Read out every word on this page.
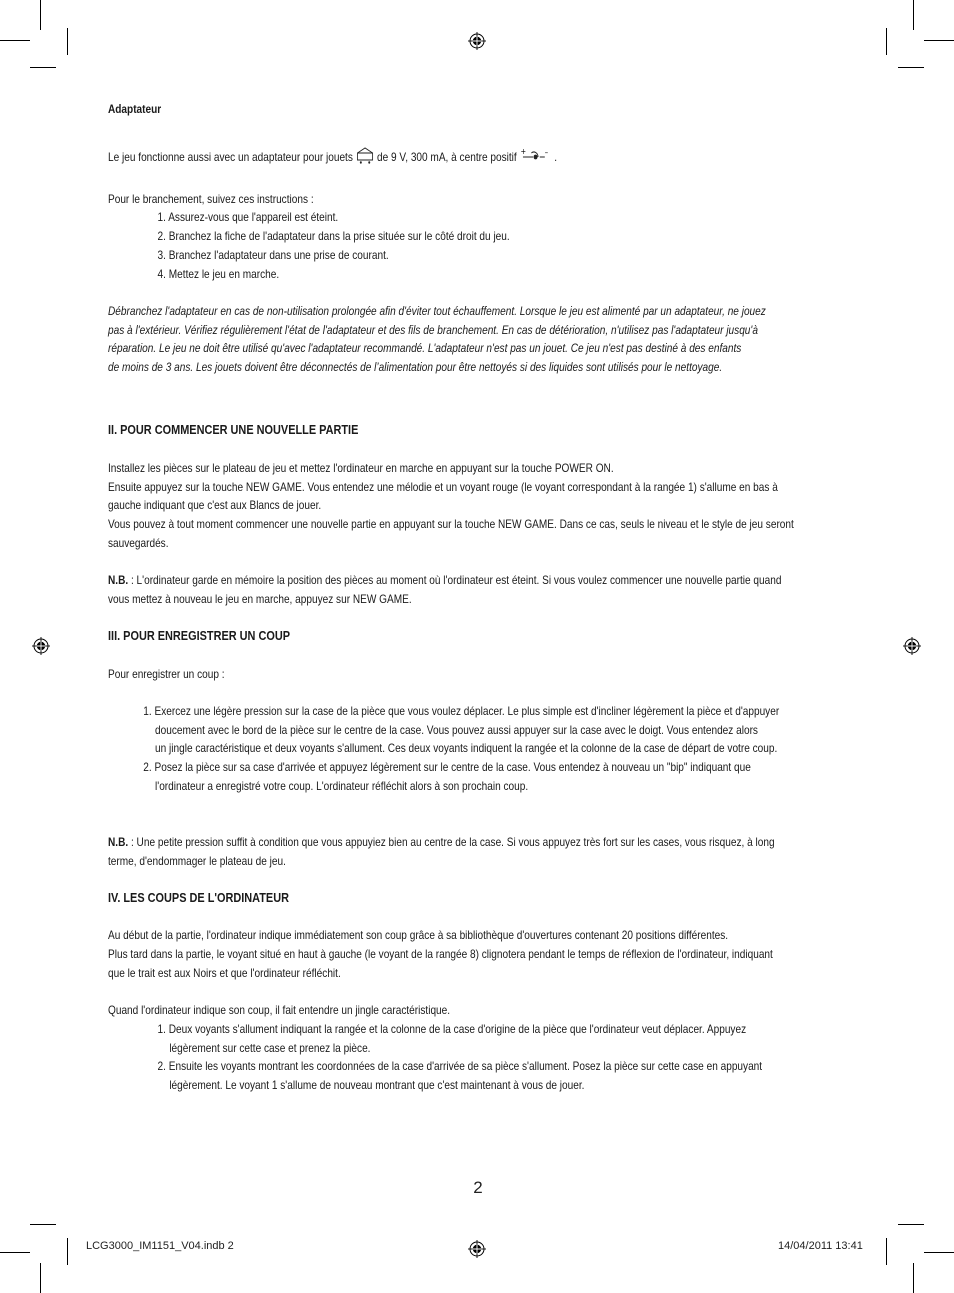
Adaptateur

Le jeu fonctionne aussi avec un adaptateur pour jouets de 9 V, 300 mA, à centre positif + – .

Pour le branchement, suivez ces instructions :

1. Assurez-vous que l'appareil est éteint.

2. Branchez la fiche de l'adaptateur dans la prise située sur le côté droit du jeu.

3. Branchez l'adaptateur dans une prise de courant.

4. Mettez le jeu en marche.

Débranchez l'adaptateur en cas de non-utilisation prolongée afin d'éviter tout échauffement. Lorsque le jeu est alimenté par un adaptateur, ne jouez

pas à l'extérieur. Vérifiez régulièrement l'état de l'adaptateur et des fils de branchement. En cas de détérioration, n'utilisez pas l'adaptateur jusqu'à

réparation. Le jeu ne doit être utilisé qu'avec l'adaptateur recommandé. L'adaptateur n'est pas un jouet. Ce jeu n'est pas destiné à des enfants

de moins de 3 ans. Les jouets doivent être déconnectés de l’alimentation pour être nettoyés si des liquides sont utilisés pour le nettoyage.

II. POUR COMMENCER UNE NOUVELLE PARTIE

Installez les pièces sur le plateau de jeu et mettez l'ordinateur en marche en appuyant sur la touche POWER ON.

Ensuite appuyez sur la touche NEW GAME. Vous entendez une mélodie et un voyant rouge (le voyant correspondant à la rangée 1) s'allume en bas à

gauche indiquant que c'est aux Blancs de jouer.

Vous pouvez à tout moment commencer une nouvelle partie en appuyant sur la touche NEW GAME. Dans ce cas, seuls le niveau et le style de jeu seront

sauvegardés.

N.B. : L'ordinateur garde en mémoire la position des pièces au moment où l'ordinateur est éteint. Si vous voulez commencer une nouvelle partie quand

vous mettez à nouveau le jeu en marche, appuyez sur NEW GAME.

III. POUR ENREGISTRER UN COUP

Pour enregistrer un coup :

1. Exercez une légère pression sur la case de la pièce que vous voulez déplacer. Le plus simple est d'incliner légèrement la pièce et d'appuyer

doucement avec le bord de la pièce sur le centre de la case. Vous pouvez aussi appuyer sur la case avec le doigt. Vous entendez alors

un jingle caractéristique et deux voyants s'allument. Ces deux voyants indiquent la rangée et la colonne de la case de départ de votre coup.

2. Posez la pièce sur sa case d'arrivée et appuyez légèrement sur le centre de la case. Vous entendez à nouveau un "bip" indiquant que

l'ordinateur a enregistré votre coup. L'ordinateur réfléchit alors à son prochain coup.

N.B. : Une petite pression suffit à condition que vous appuyiez bien au centre de la case. Si vous appuyez très fort sur les cases, vous risquez, à long

terme, d'endommager le plateau de jeu.

IV. LES COUPS DE L'ORDINATEUR

Au début de la partie, l'ordinateur indique immédiatement son coup grâce à sa bibliothèque d'ouvertures contenant 20 positions différentes.

Plus tard dans la partie, le voyant situé en haut à gauche (le voyant de la rangée 8) clignotera pendant le temps de réflexion de l'ordinateur, indiquant

que le trait est aux Noirs et que l'ordinateur réfléchit.

Quand l'ordinateur indique son coup, il fait entendre un jingle caractéristique.

1. Deux voyants s'allument indiquant la rangée et la colonne de la case d'origine de la pièce que l'ordinateur veut déplacer. Appuyez

légèrement sur cette case et prenez la pièce.

2. Ensuite les voyants montrant les coordonnées de la case d'arrivée de sa pièce s'allument. Posez la pièce sur cette case en appuyant

légèrement. Le voyant 1 s'allume de nouveau montrant que c'est maintenant à vous de jouer.

2
LCG3000_IM1151_V04.indb 2	14/04/2011 13:41
